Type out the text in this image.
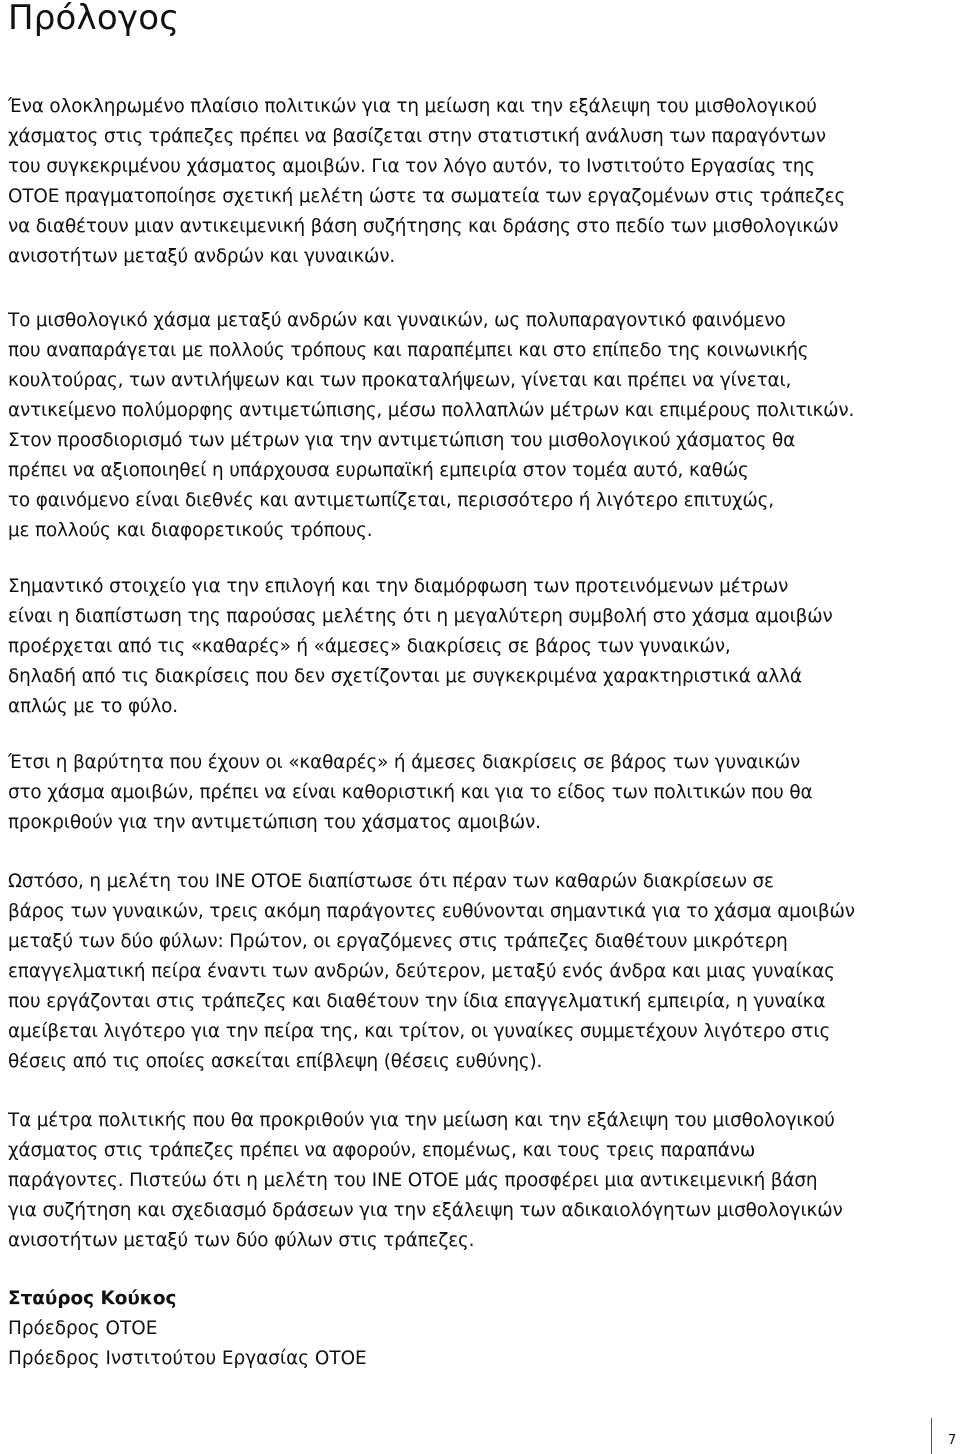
Πρόλογος

Ένα ολοκληρωμένο πλαίσιο πολιτικών για τη μείωση και την εξάλειψη του μισθολογικού
χάσματος στις τράπεζες πρέπει να βασίζεται στην στατιστική ανάλυση των παραγόντων
του συγκεκριμένου χάσματος αμοιβών. Για τον λόγο αυτόν, το Ινστιτούτο Εργασίας της
ΟΤΟΕ πραγματοποίησε σχετική μελέτη ώστε τα σωματεία των εργαζομένων στις τράπεζες
να διαθέτουν μιαν αντικειμενική βάση συζήτησης και δράσης στο πεδίο των μισθολογικών
ανισοτήτων μεταξύ ανδρών και γυναικών.

Το μισθολογικό χάσμα μεταξύ ανδρών και γυναικών, ως πολυπαραγοντικό φαινόμενο
που αναπαράγεται με πολλούς τρόπους και παραπέμπει και στο επίπεδο της κοινωνικής
κουλτούρας, των αντιλήψεων και των προκαταλήψεων, γίνεται και πρέπει να γίνεται,
αντικείμενο πολύμορφης αντιμετώπισης, μέσω πολλαπλών μέτρων και επιμέρους πολιτικών.
Στον προσδιορισμό των μέτρων για την αντιμετώπιση του μισθολογικού χάσματος θα
πρέπει να αξιοποιηθεί η υπάρχουσα ευρωπαϊκή εμπειρία στον τομέα αυτό, καθώς
το φαινόμενο είναι διεθνές και αντιμετωπίζεται, περισσότερο ή λιγότερο επιτυχώς,
με πολλούς και διαφορετικούς τρόπους.

Σημαντικό στοιχείο για την επιλογή και την διαμόρφωση των προτεινόμενων μέτρων
είναι η διαπίστωση της παρούσας μελέτης ότι η μεγαλύτερη συμβολή στο χάσμα αμοιβών
προέρχεται από τις «καθαρές» ή «άμεσες» διακρίσεις σε βάρος των γυναικών,
δηλαδή από τις διακρίσεις που δεν σχετίζονται με συγκεκριμένα χαρακτηριστικά αλλά
απλώς με το φύλο.

Έτσι η βαρύτητα που έχουν οι «καθαρές» ή άμεσες διακρίσεις σε βάρος των γυναικών
στο χάσμα αμοιβών, πρέπει να είναι καθοριστική και για το είδος των πολιτικών που θα
προκριθούν για την αντιμετώπιση του χάσματος αμοιβών.

Ωστόσο, η μελέτη του ΙΝΕ ΟΤΟΕ διαπίστωσε ότι πέραν των καθαρών διακρίσεων σε
βάρος των γυναικών, τρεις ακόμη παράγοντες ευθύνονται σημαντικά για το χάσμα αμοιβών
μεταξύ των δύο φύλων: Πρώτον, οι εργαζόμενες στις τράπεζες διαθέτουν μικρότερη
επαγγελματική πείρα έναντι των ανδρών, δεύτερον, μεταξύ ενός άνδρα και μιας γυναίκας
που εργάζονται στις τράπεζες και διαθέτουν την ίδια επαγγελματική εμπειρία, η γυναίκα
αμείβεται λιγότερο για την πείρα της, και τρίτον, οι γυναίκες συμμετέχουν λιγότερο στις
θέσεις από τις οποίες ασκείται επίβλεψη (θέσεις ευθύνης).

Τα μέτρα πολιτικής που θα προκριθούν για την μείωση και την εξάλειψη του μισθολογικού
χάσματος στις τράπεζες πρέπει να αφορούν, επομένως, και τους τρεις παραπάνω
παράγοντες. Πιστεύω ότι η μελέτη του ΙΝΕ ΟΤΟΕ μάς προσφέρει μια αντικειμενική βάση
για συζήτηση και σχεδιασμό δράσεων για την εξάλειψη των αδικαιολόγητων μισθολογικών
ανισοτήτων μεταξύ των δύο φύλων στις τράπεζες.

Σταύρος Κούκος
Πρόεδρος ΟΤΟΕ
Πρόεδρος Ινστιτούτου Εργασίας ΟΤΟΕ
7
